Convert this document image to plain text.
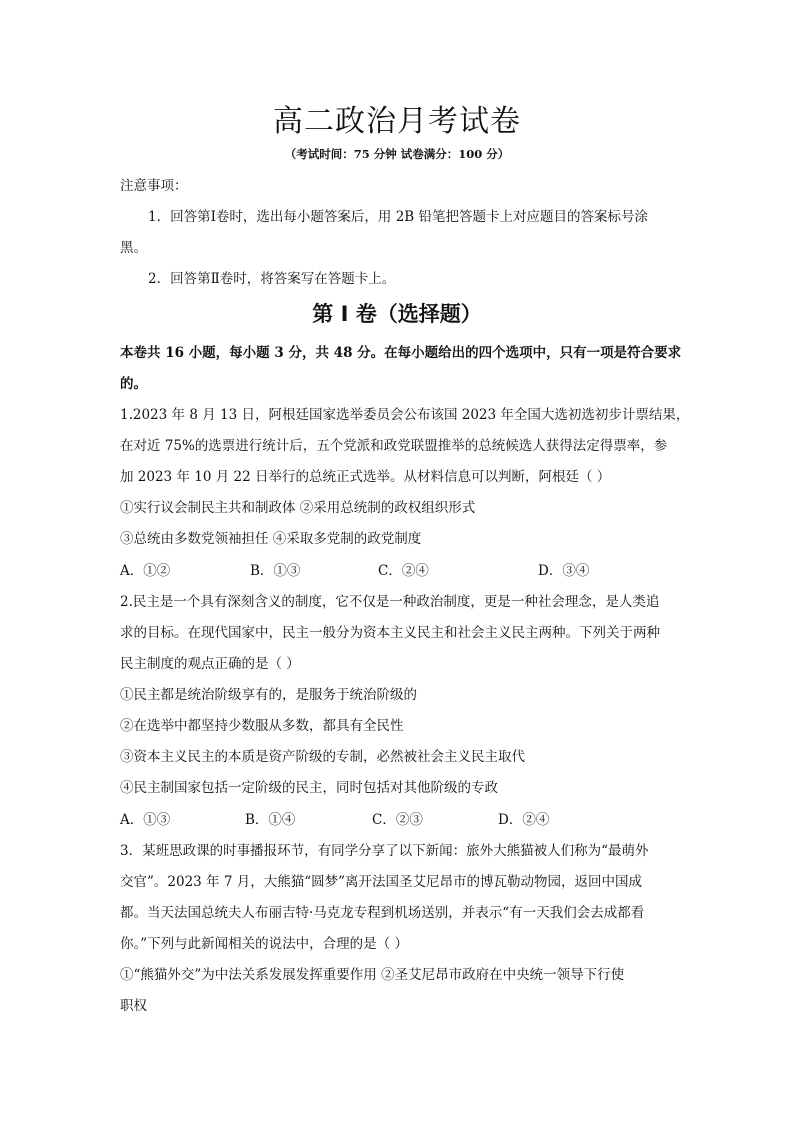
高二政治月考试卷
（考试时间：75 分钟 试卷满分：100 分）
注意事项：
1．回答第Ⅰ卷时，选出每小题答案后，用 2B 铅笔把答题卡上对应题目的答案标号涂
黑。
2．回答第Ⅱ卷时，将答案写在答题卡上。
第 I 卷（选择题）
本卷共 16 小题，每小题 3 分，共 48 分。在每小题给出的四个选项中，只有一项是符合要求
的。
1.2023 年 8 月 13 日，阿根廷国家选举委员会公布该国 2023 年全国大选初选初步计票结果，
在对近 75%的选票进行统计后，五个党派和政党联盟推举的总统候选人获得法定得票率，参
加 2023 年 10 月 22 日举行的总统正式选举。从材料信息可以判断，阿根廷（ ）
①实行议会制民主共和制政体 ②采用总统制的政权组织形式
③总统由多数党领袖担任 ④采取多党制的政党制度
A．①②	B．①③	C．②④	D．③④
2.民主是一个具有深刻含义的制度，它不仅是一种政治制度，更是一种社会理念，是人类追
求的目标。在现代国家中，民主一般分为资本主义民主和社会主义民主两种。下列关于两种
民主制度的观点正确的是（ ）
①民主都是统治阶级享有的，是服务于统治阶级的
②在选举中都坚持少数服从多数，都具有全民性
③资本主义民主的本质是资产阶级的专制，必然被社会主义民主取代
④民主制国家包括一定阶级的民主，同时包括对其他阶级的专政
A．①③	B．①④	C．②③	D．②④
3．某班思政课的时事播报环节，有同学分享了以下新闻：旅外大熊猫被人们称为“最萌外
交官”。2023 年 7 月，大熊猫“圆梦”离开法国圣艾尼昂市的博瓦勒动物园，返回中国成
都。当天法国总统夫人布丽吉特·马克龙专程到机场送别，并表示“有一天我们会去成都看
你。”下列与此新闻相关的说法中，合理的是（ ）
①“熊猫外交”为中法关系发展发挥重要作用 ②圣艾尼昂市政府在中央统一领导下行使
职权
